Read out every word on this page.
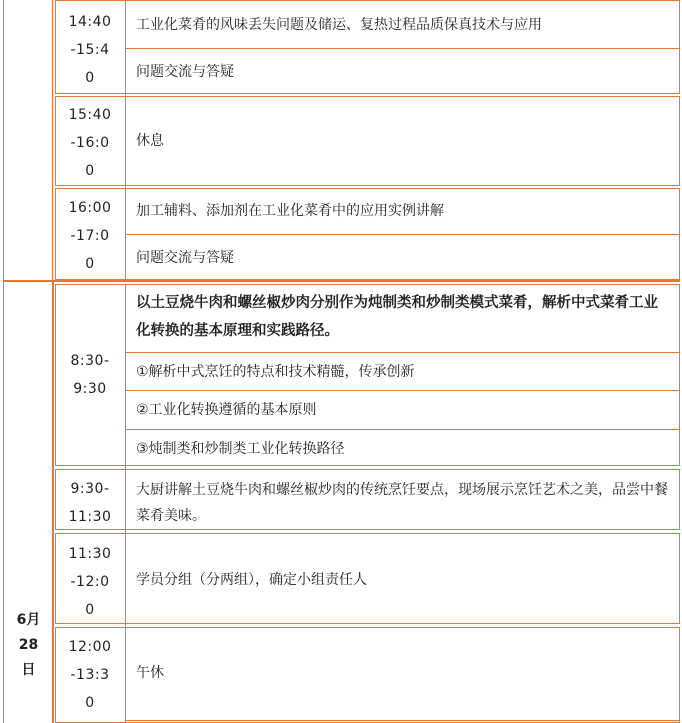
14:40
-15:4
0
15:40
-16:0
0
16:00
-17:0
0
工业化菜肴的风味丢失问题及储运、复热过程品质保真技术与应用
问题交流与答疑
休息
加工辅料、添加剂在工业化菜肴中的应用实例讲解
问题交流与答疑
6月
28
日
8:30-
9:30
9:30-
11:30
11:30
-12:0
0
12:00
-13:3
0
以土豆烧牛肉和螺丝椒炒肉分别作为炖制类和炒制类模式菜肴，解析中式菜肴工业化转换的基本原理和实践路径。
①解析中式烹饪的特点和技术精髓，传承创新
②工业化转换遵循的基本原则
③炖制类和炒制类工业化转换路径
大厨讲解土豆烧牛肉和螺丝椒炒肉的传统烹饪要点，现场展示烹饪艺术之美，品尝中餐菜肴美味。
学员分组（分两组），确定小组责任人
午休
